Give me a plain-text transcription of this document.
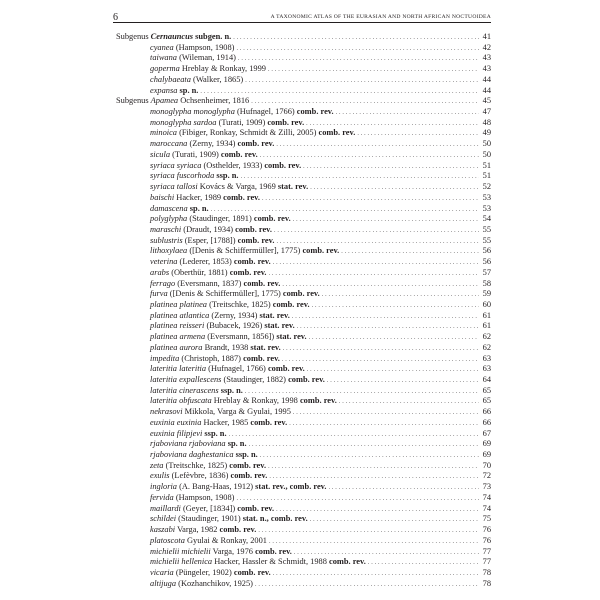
6	A TAXONOMIC ATLAS OF THE EURASIAN AND NORTH AFRICAN NOCTUOIDEA
Subgenus Cernauncus subgen. n. . . .	41
cyanea (Hampson, 1908) . . .	42
taiwana (Wileman, 1914) . . .	43
goperma Hreblay & Ronkay, 1999 . . .	43
chalybaeata (Walker, 1865) . . .	44
expansa sp. n. . . .	44
Subgenus Apamea Ochsenheimer, 1816 . . .	45
monoglypha monoglypha (Hufnagel, 1766) comb. rev. . . .	47
monoglypha sardoa (Turati, 1909) comb. rev. . . .	48
minoica (Fibiger, Ronkay, Schmidt & Zilli, 2005) comb. rev. . . .	49
maroccana (Zerny, 1934) comb. rev. . . .	50
sicula (Turati, 1909) comb. rev. . . .	50
syriaca syriaca (Osthelder, 1933) comb. rev. . . .	51
syriaca fuscorhoda ssp. n. . . .	51
syriaca tallosi Kovács & Varga, 1969 stat. rev. . . .	52
baischi Hacker, 1989 comb. rev. . . .	53
damascena sp. n. . . .	53
polyglypha (Staudinger, 1891) comb. rev. . . .	54
maraschi (Draudt, 1934) comb. rev. . . .	55
sublustris (Esper, [1788]) comb. rev. . . .	55
lithoxylaea ([Denis & Schiffermüller], 1775) comb. rev. . . .	56
veterina (Lederer, 1853) comb. rev. . . .	56
arabs (Oberthür, 1881) comb. rev. . . .	57
ferrago (Eversmann, 1837) comb. rev. . . .	58
furva ([Denis & Schiffermüller], 1775) comb. rev. . . .	59
platinea platinea (Treitschke, 1825) comb. rev. . . .	60
platinea atlantica (Zerny, 1934) stat. rev. . . .	61
platinea reisseri (Bubacek, 1926) stat. rev. . . .	61
platinea armena (Eversmann, 1856]) stat. rev. . . .	62
platinea aurora Brandt, 1938 stat. rev. . . .	62
impedita (Christoph, 1887) comb. rev. . . .	63
lateritia lateritia (Hufnagel, 1766) comb. rev. . . .	63
lateritia expallescens (Staudinger, 1882) comb. rev. . . .	64
lateritia cinerascens ssp. n. . . .	65
lateritia obfuscata Hreblay & Ronkay, 1998 comb. rev. . . .	65
nekrasovi Mikkola, Varga & Gyulai, 1995 . . .	66
euxinia euxinia Hacker, 1985 comb. rev. . . .	66
euxinia filipjevi ssp. n. . . .	67
rjaboviana rjaboviana sp. n. . . .	69
rjaboviana daghestanica ssp. n. . . .	69
zeta (Treitschke, 1825) comb. rev. . . .	70
exulis (Lefèvbre, 1836) comb. rev. . . .	72
ingloria (A. Bang-Haas, 1912) stat. rev., comb. rev. . . .	73
fervida (Hampson, 1908) . . .	74
maillardi (Geyer, [1834]) comb. rev. . . .	74
schildei (Staudinger, 1901) stat. n., comb. rev. . . .	75
kaszabi Varga, 1982 comb. rev. . . .	76
platoscota Gyulai & Ronkay, 2001 . . .	76
michielii michielii Varga, 1976 comb. rev. . . .	77
michielii hellenica Hacker, Hassler & Schmidt, 1988 comb. rev. . . .	77
vicaria (Püngeler, 1902) comb. rev. . . .	78
altijuga (Kozhanchikov, 1925) . . .	78
